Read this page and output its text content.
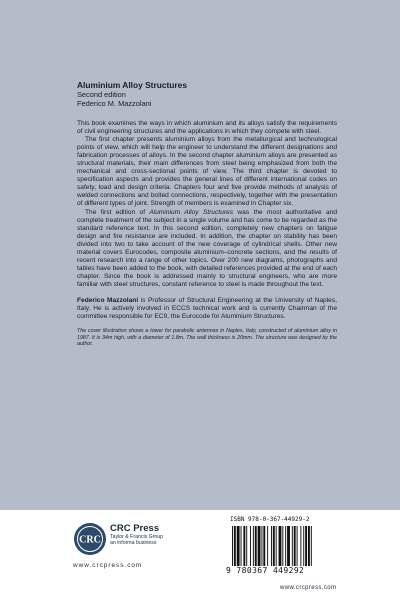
Aluminium Alloy Structures

Second edition

Federico M. Mazzolani

This book examines the ways in which aluminium and its alloys satisfy the requirements of civil engineering structures and the applications in which they compete with steel.

The first chapter presents aluminium alloys from the metallurgical and technological points of view, which will help the engineer to understand the different designations and fabrication processes of alloys. In the second chapter aluminium alloys are presented as structural materials, their main differences from steel being emphasized from both the mechanical and cross-sectional points of view. The third chapter is devoted to specification aspects and provides the general lines of different international codes on safety, load and design criteria. Chapters four and five provide methods of analysis of welded connections and bolted connections, respectively, together with the presentation of different types of joint. Strength of members is examined in Chapter six.

The first edition of Aluminium Alloy Structures was the most authoritative and complete treatment of the subject in a single volume and has come to be regarded as the standard reference text. In this second edition, completely new chapters on fatigue design and fire resistance are included. In addition, the chapter on stability has been divided into two to take account of the new coverage of cylindrical shells. Other new material covers Eurocodes, composite aluminium–concrete sections, and the results of recent research into a range of other topics. Over 200 new diagrams, photographs and tables have been added to the book, with detailed references provided at the end of each chapter. Since the book is addressed mainly to structural engineers, who are more familiar with steel structures, constant reference to steel is made throughout the text.

Federico Mazzolani is Professor of Structural Engineering at the University of Naples, Italy. He is actively involved in ECCS technical work and is currently Chairman of the committee responsible for EC9, the Eurocode for Aluminium Structures.
The cover illustration shows a tower for parabolic antennas in Naples, Italy, constructed of aluminium alloy in 1987. It is 34m high, with a diameter of 1.8m. The wall thickness is 20mm. The structure was designed by the author.
CRC
CRC Press
Taylor & Francis Group
an informa business
www.crcpress.com
ISBN 978-0-367-44929-2
9 780367 449292
www.crcpress.com
